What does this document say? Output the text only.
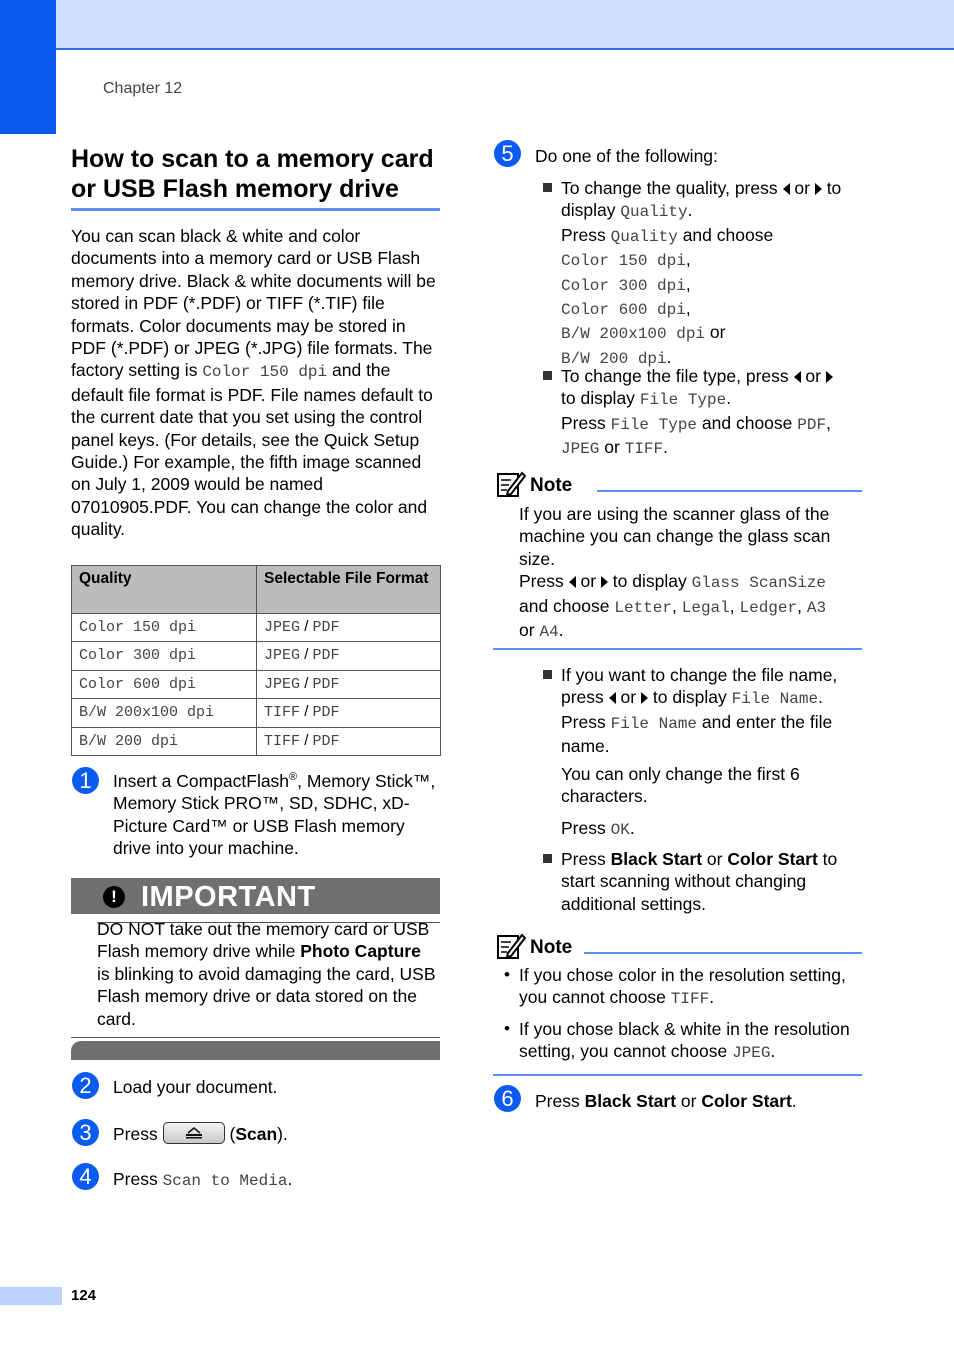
Chapter 12
How to scan to a memory card or USB Flash memory drive
You can scan black & white and color documents into a memory card or USB Flash memory drive. Black & white documents will be stored in PDF (*.PDF) or TIFF (*.TIF) file formats. Color documents may be stored in PDF (*.PDF) or JPEG (*.JPG) file formats. The factory setting is Color 150 dpi and the default file format is PDF. File names default to the current date that you set using the control panel keys. (For details, see the Quick Setup Guide.) For example, the fifth image scanned on July 1, 2009 would be named 07010905.PDF. You can change the color and quality.
Quality	Selectable File Format
Color 150 dpi	JPEG / PDF
Color 300 dpi	JPEG / PDF
Color 600 dpi	JPEG / PDF
B/W 200x100 dpi	TIFF / PDF
B/W 200 dpi	TIFF / PDF
1	Insert a CompactFlash®, Memory Stick™, Memory Stick PRO™, SD, SDHC, xD-Picture Card™ or USB Flash memory drive into your machine.
! IMPORTANT
DO NOT take out the memory card or USB Flash memory drive while Photo Capture is blinking to avoid damaging the card, USB Flash memory drive or data stored on the card.
2	Load your document.
3	Press	(Scan).
4	Press Scan to Media.
5	Do one of the following:
To change the quality, press or to display Quality.
Press Quality and choose
Color 150 dpi,
Color 300 dpi,
Color 600 dpi,
B/W 200x100 dpi or
B/W 200 dpi.
To change the file type, press or
to display File Type.
Press File Type and choose PDF,
JPEG or TIFF.
Note
If you are using the scanner glass of the machine you can change the glass scan size.
Press or to display Glass ScanSize
and choose Letter, Legal, Ledger, A3
or A4.
If you want to change the file name, press or to display File Name.
Press File Name and enter the file name.
You can only change the first 6 characters.
Press OK.
Press Black Start or Color Start to start scanning without changing additional settings.
Note
• If you chose color in the resolution setting, you cannot choose TIFF.
• If you chose black & white in the resolution setting, you cannot choose JPEG.
6	Press Black Start or Color Start.
124
